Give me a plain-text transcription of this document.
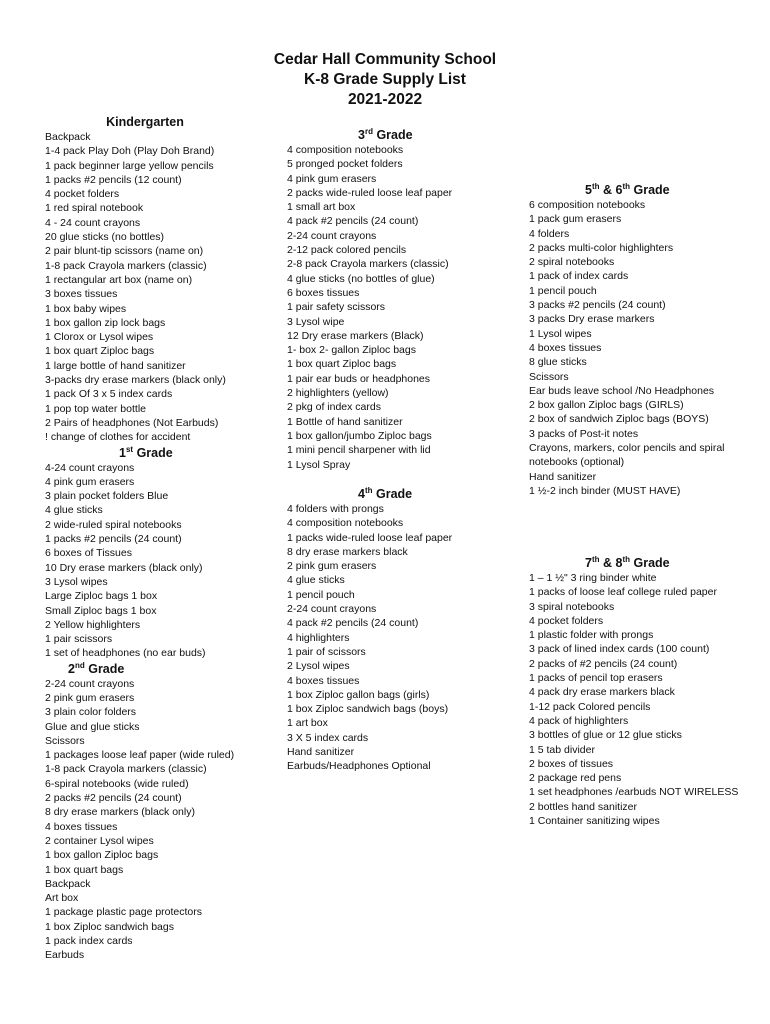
Cedar Hall Community School
K-8 Grade Supply List
2021-2022
Kindergarten
Backpack
1-4 pack Play Doh (Play Doh Brand)
1 pack beginner large yellow pencils
1 packs #2 pencils (12 count)
4 pocket folders
1 red spiral notebook
4 - 24 count crayons
20 glue sticks (no bottles)
2 pair blunt-tip scissors (name on)
1-8 pack Crayola markers (classic)
1 rectangular art box (name on)
3 boxes tissues
1 box baby wipes
1 box gallon zip lock bags
1 Clorox or Lysol wipes
1 box quart Ziploc bags
1 large bottle of hand sanitizer
3-packs dry erase markers (black only)
1 pack Of 3 x 5 index cards
1 pop top water bottle
2 Pairs of headphones (Not Earbuds)
! change of clothes for accident
1st Grade
4-24 count crayons
4 pink gum erasers
3 plain pocket folders Blue
4 glue sticks
2 wide-ruled spiral notebooks
1 packs #2 pencils (24 count)
6 boxes of Tissues
10 Dry erase markers (black only)
3 Lysol wipes
Large Ziploc bags 1 box
Small Ziploc bags 1 box
2 Yellow highlighters
1 pair scissors
1 set of headphones (no ear buds)
2nd Grade
2-24 count crayons
2 pink gum erasers
3 plain color folders
Glue and glue sticks
Scissors
1 packages loose leaf paper (wide ruled)
1-8 pack Crayola markers (classic)
6-spiral notebooks (wide ruled)
2 packs #2 pencils (24 count)
8 dry erase markers (black only)
4 boxes tissues
2 container Lysol wipes
1 box gallon Ziploc bags
1 box quart bags
Backpack
Art box
1 package plastic page protectors
1 box Ziploc sandwich bags
1 pack index cards
Earbuds
3rd Grade
4 composition notebooks
5 pronged pocket folders
4 pink gum erasers
2 packs wide-ruled loose leaf paper
1 small art box
4 pack #2 pencils (24 count)
2-24 count crayons
2-12 pack colored pencils
2-8 pack Crayola markers (classic)
4 glue sticks (no bottles of glue)
6 boxes tissues
1 pair safety scissors
3 Lysol wipe
12 Dry erase markers (Black)
1- box 2- gallon Ziploc bags
1 box quart Ziploc bags
1 pair ear buds or headphones
2 highlighters (yellow)
2 pkg of index cards
1 Bottle of hand sanitizer
1 box gallon/jumbo Ziploc bags
1 mini pencil sharpener with lid
1 Lysol Spray
4th Grade
4 folders with prongs
4 composition notebooks
1 packs wide-ruled loose leaf paper
8 dry erase markers black
2 pink gum erasers
4 glue sticks
1 pencil pouch
2-24 count crayons
4 pack #2 pencils (24 count)
4 highlighters
1 pair of scissors
2 Lysol wipes
4 boxes tissues
1 box Ziploc gallon bags (girls)
1 box Ziploc sandwich bags (boys)
1 art box
3 X 5 index cards
Hand sanitizer
Earbuds/Headphones Optional
5th & 6th Grade
6 composition notebooks
1 pack gum erasers
4 folders
2 packs multi-color highlighters
2 spiral notebooks
1 pack of index cards
1 pencil pouch
3 packs #2 pencils (24 count)
3 packs Dry erase markers
1 Lysol wipes
4 boxes tissues
8 glue sticks
Scissors
Ear buds leave school /No Headphones
2 box gallon Ziploc bags (GIRLS)
2 box of sandwich Ziploc bags (BOYS)
3 packs of Post-it notes
Crayons, markers, color pencils and spiral notebooks (optional)
Hand sanitizer
1 ½-2 inch binder (MUST HAVE)
7th & 8th Grade
1 – 1 ½" 3 ring binder white
1 packs of loose leaf college ruled paper
3 spiral notebooks
4 pocket folders
1 plastic folder with prongs
3 pack of lined index cards (100 count)
2 packs of #2 pencils (24 count)
1 packs of pencil top erasers
4 pack dry erase markers black
1-12 pack Colored pencils
4 pack of highlighters
3 bottles of glue or 12 glue sticks
1 5 tab divider
2 boxes of tissues
2 package red pens
1 set headphones /earbuds NOT WIRELESS
2 bottles hand sanitizer
1 Container sanitizing wipes
